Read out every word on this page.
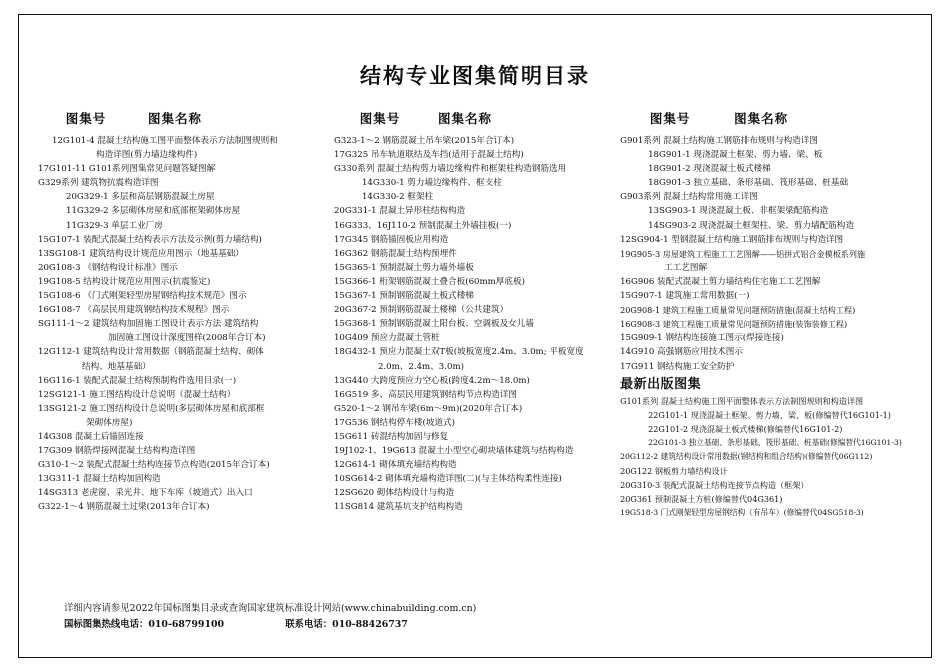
结构专业图集简明目录
图集号	图集名称
12G101-4 混凝土结构施工图平面整体表示方法制图规则和
构造详图(剪力墙边缘构件)
17G101-11 G101系列图集常见问题答疑图解
G329系列 建筑物抗震构造详图
20G329-1 多层和高层钢筋混凝土房屋
11G329-2 多层砌体房屋和底部框架砌体房屋
11G329-3 单层工业厂房
15G107-1 装配式混凝土结构表示方法及示例(剪力墙结构)
13SG108-1 建筑结构设计规范应用图示（地基基础）
20G108-3 《钢结构设计标准》图示
19G108-5 结构设计规范应用图示(抗震鉴定)
15G108-6 《门式刚架轻型房屋钢结构技术规范》图示
16G108-7 《高层民用建筑钢结构技术规程》图示
SG111-1～2 建筑结构加固施工图设计表示方法 建筑结构
加固施工图设计深度图样(2008年合订本)
12G112-1 建筑结构设计常用数据（钢筋混凝土结构、砌体
结构、地基基础）
16G116-1 装配式混凝土结构预制构件选用目录(一)
12SG121-1 施工图结构设计总说明（混凝土结构）
13SG121-2 施工图结构设计总说明(多层砌体房屋和底部框
架砌体房屋)
14G308 混凝土后锚固连接
17G309 钢筋焊接网混凝土结构构造详图
G310-1～2 装配式混凝土结构连接节点构造(2015年合订本)
13G311-1 混凝土结构加固构造
14SG313 老虎窗、采光井、地下车库（坡道式）出入口
G322-1～4 钢筋混凝土过梁(2013年合订本)
图集号	图集名称
G323-1～2 钢筋混凝土吊车梁(2015年合订本)
17G325 吊车轨道联结及车挡(适用于混凝土结构)
G330系列 混凝土结构剪力墙边缘构件和框架柱构造钢筋选用
14G330-1 剪力墙边缘构件、框支柱
14G330-2 框架柱
20G331-1 混凝土异形柱结构构造
16G333、16J110-2 预制混凝土外墙挂板(一)
17G345 钢筋锚固板应用构造
16G362 钢筋混凝土结构预埋件
15G365-1 预制混凝土剪力墙外墙板
15G366-1 桁架钢筋混凝土叠合板(60mm厚底板)
15G367-1 预制钢筋混凝土板式楼梯
20G367-2 预制钢筋混凝土楼梯（公共建筑）
15G368-1 预制钢筋混凝土阳台板、空调板及女儿墙
10G409 预应力混凝土管桩
18G432-1 预应力混凝土双T板(坡板宽度2.4m、3.0m; 平板宽度
2.0m、2.4m、3.0m)
13G440 大跨度预应力空心板(跨度4.2m～18.0m)
16G519 多、高层民用建筑钢结构节点构造详图
G520-1～2 钢吊车梁(6m～9m)(2020年合订本)
17G536 钢结构停车楼(坡道式)
15G611 砖混结构加固与修复
19J102-1、19G613 混凝土小型空心砌块墙体建筑与结构构造
12G614-1 砌体填充墙结构构造
10SG614-2 砌体填充墙构造详图(二)(与主体结构柔性连接)
12SG620 砌体结构设计与构造
11SG814 建筑基坑支护结构构造
图集号	图集名称
G901系列 混凝土结构施工钢筋排布规则与构造详图
18G901-1 现浇混凝土框架、剪力墙、梁、板
18G901-2 现浇混凝土板式楼梯
18G901-3 独立基础、条形基础、筏形基础、桩基础
G903系列 混凝土结构常用施工详图
13SG903-1 现浇混凝土板、非框架梁配筋构造
14SG903-2 现浇混凝土框架柱、梁、剪力墙配筋构造
12SG904-1 型钢混凝土结构施工钢筋排布规则与构造详图
19G905-3 房屋建筑工程施工工艺图解——铝拼式铝合金模板系列施
工工艺图解
16G906 装配式混凝土剪力墙结构住宅施工工艺图解
15G907-1 建筑施工常用数据(一)
20G908-1 建筑工程施工质量常见问题预防措施(混凝土结构工程)
16G908-3 建筑工程施工质量常见问题预防措施(装饰装修工程)
15G909-1 钢结构连接施工图示(焊接连接)
14G910 高强钢筋应用技术图示
17G911 钢结构施工安全防护
最新出版图集
G101系列 混凝土结构施工图平面整体表示方法制图规则和构造详图
22G101-1 现浇混凝土框架、剪力墙、梁、板(修编替代16G101-1)
22G101-2 现浇混凝土板式楼梯(修编替代16G101-2)
22G101-3 独立基础、条形基础、筏形基础、桩基础(修编替代16G101-3)
20G112-2 建筑结构设计常用数据(钢结构和组合结构)(修编替代06G112)
20G122 钢板剪力墙结构设计
20G310-3 装配式混凝土结构连接节点构造（框架）
20G361 预制混凝土方桩(修编替代04G361)
19G518-3 门式刚架轻型房屋钢结构（有吊车）(修编替代04SG518-3)
详细内容请参见2022年国标图集目录或查询国家建筑标准设计网站(www.chinabuilding.com.cn)
国标图集热线电话：010-68799100	联系电话：010-88426737
